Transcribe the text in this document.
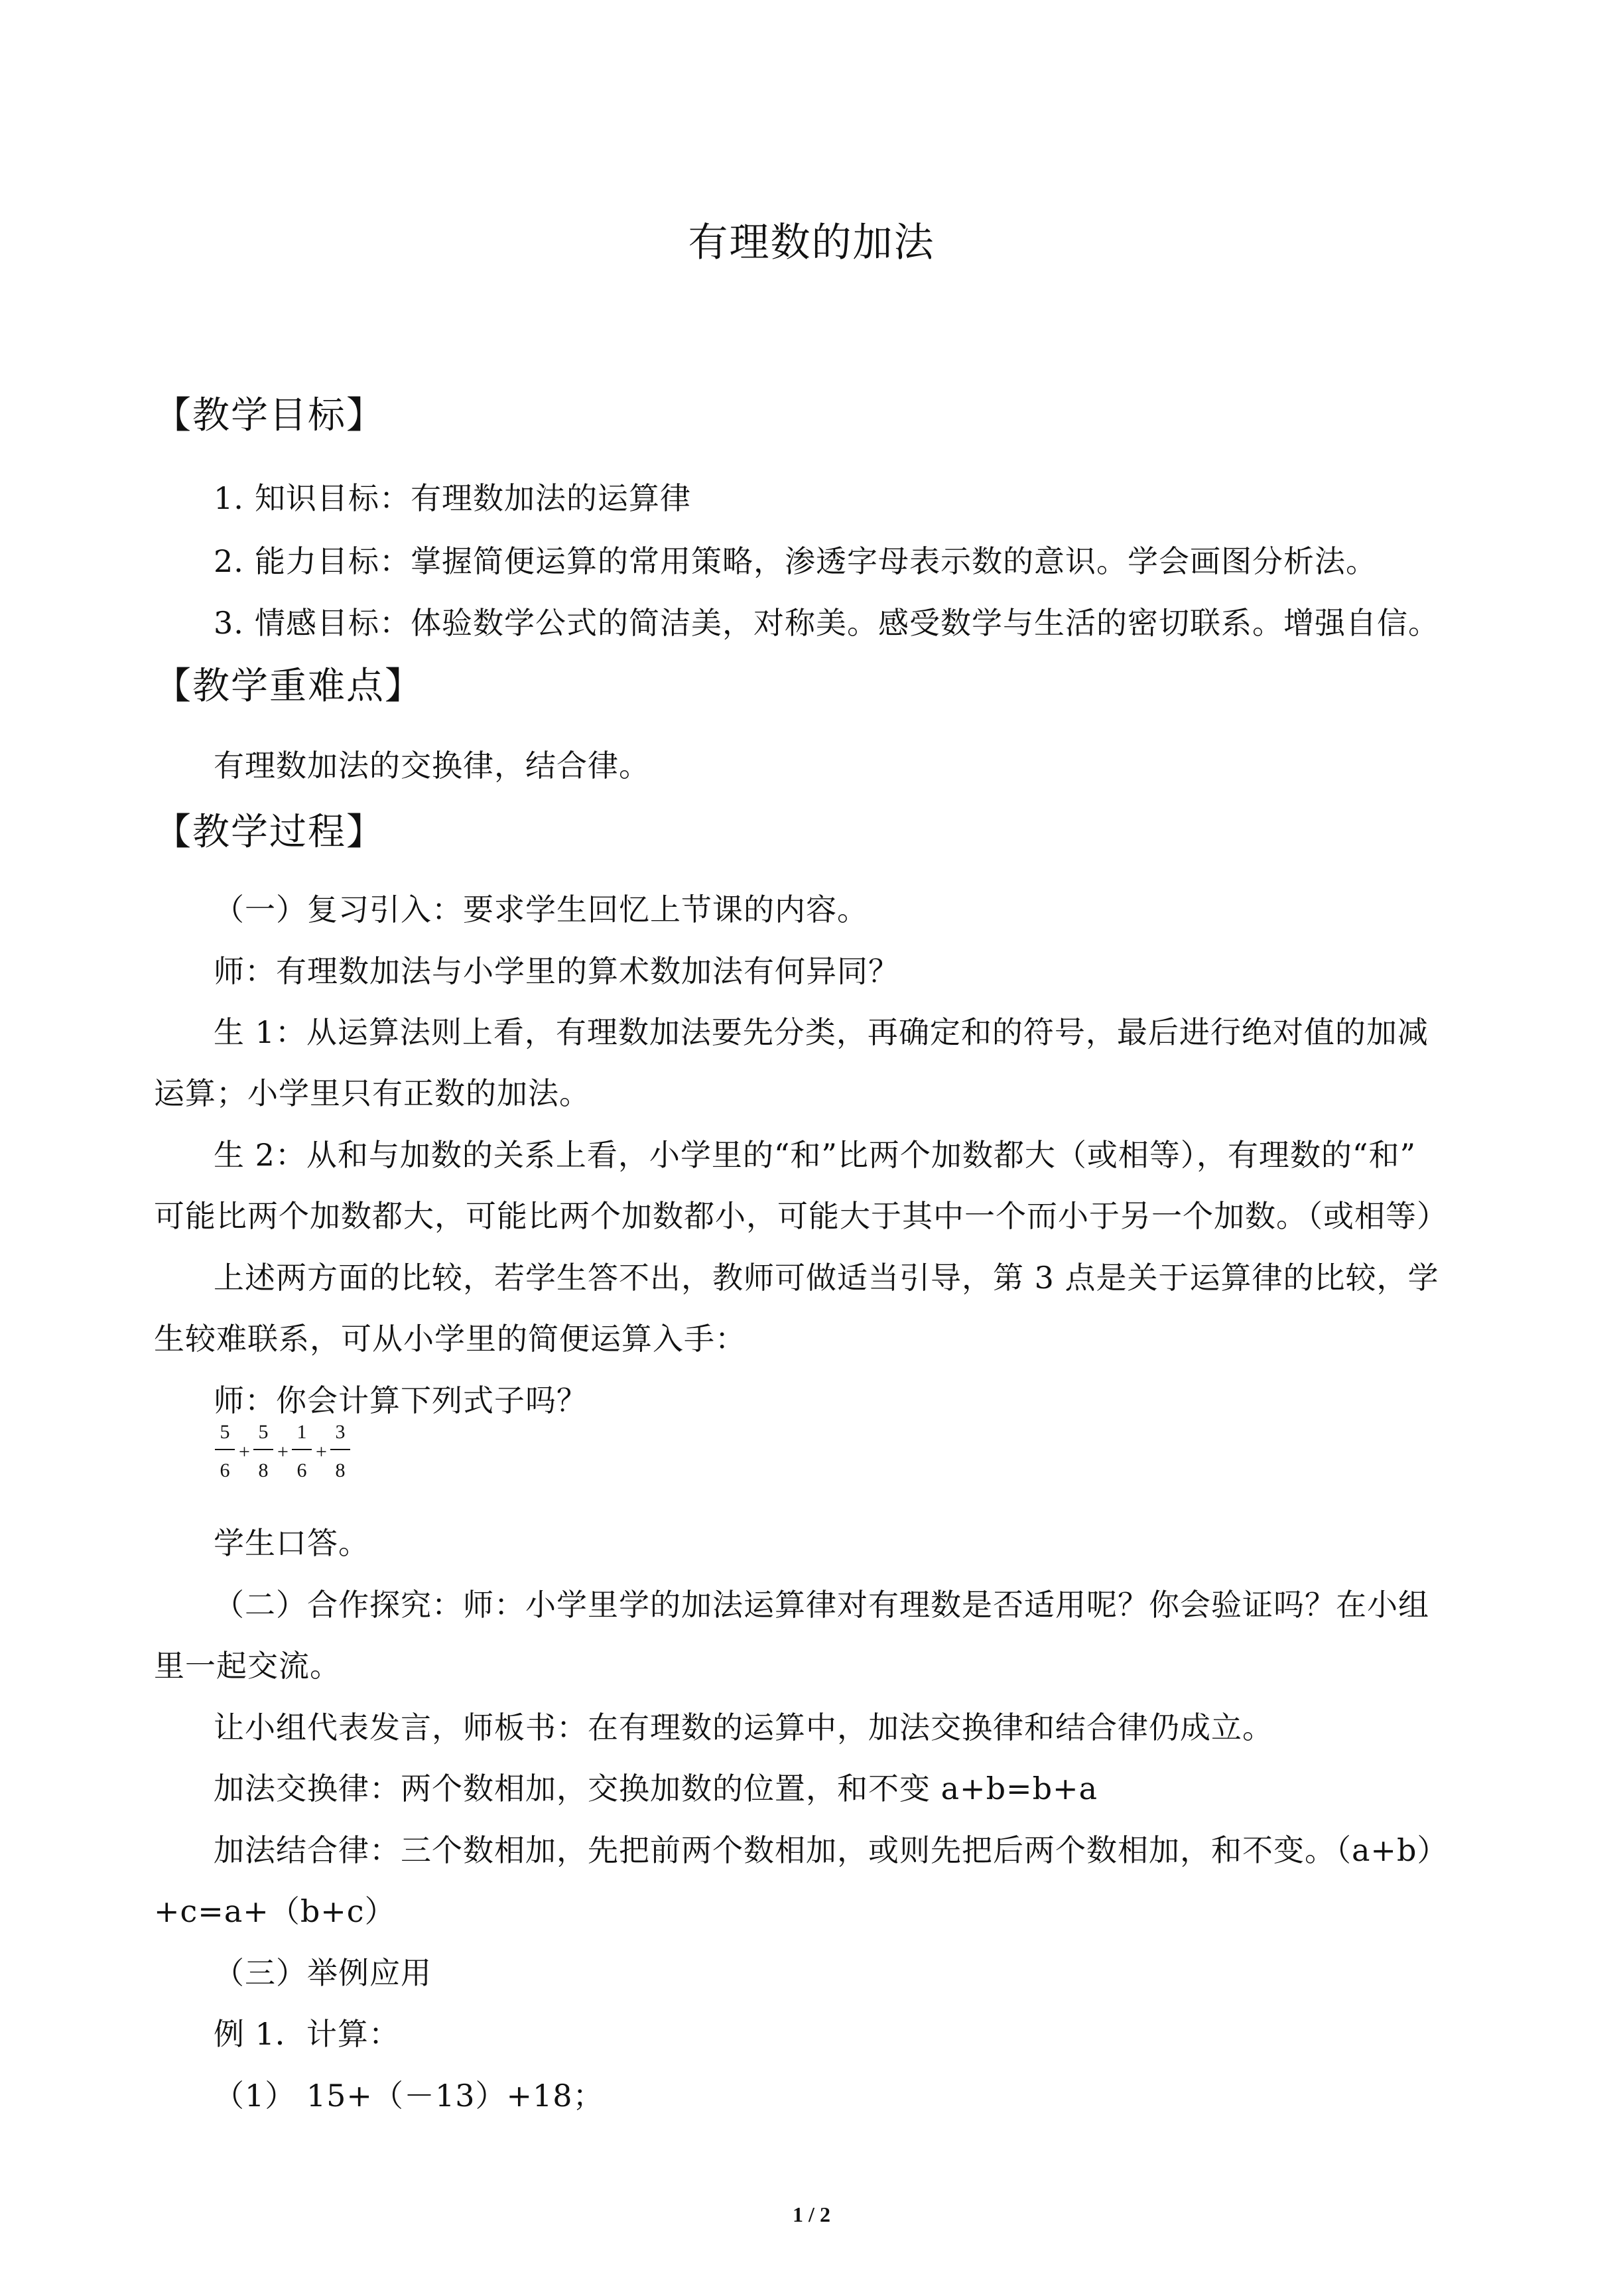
有理数的加法
【教学目标】
1. 知识目标：有理数加法的运算律
2. 能力目标：掌握简便运算的常用策略，渗透字母表示数的意识。学会画图分析法。
3. 情感目标：体验数学公式的简洁美，对称美。感受数学与生活的密切联系。增强自信。
【教学重难点】
有理数加法的交换律，结合律。
【教学过程】
（一）复习引入：要求学生回忆上节课的内容。
师：有理数加法与小学里的算术数加法有何异同？
生 1：从运算法则上看，有理数加法要先分类，再确定和的符号，最后进行绝对值的加减
运算；小学里只有正数的加法。
生 2：从和与加数的关系上看，小学里的“和”比两个加数都大（或相等），有理数的“和”
可能比两个加数都大，可能比两个加数都小，可能大于其中一个而小于另一个加数。（或相等）
上述两方面的比较，若学生答不出，教师可做适当引导，第 3 点是关于运算律的比较，学
生较难联系，可从小学里的简便运算入手：
师：你会计算下列式子吗？
5
6
+
5
8
+
1
6
+
3
8
学生口答。
（二）合作探究：师：小学里学的加法运算律对有理数是否适用呢？你会验证吗？在小组
里一起交流。
让小组代表发言，师板书：在有理数的运算中，加法交换律和结合律仍成立。
加法交换律：两个数相加，交换加数的位置，和不变 a+b=b+a
加法结合律：三个数相加，先把前两个数相加，或则先把后两个数相加，和不变。（a+b）
+c=a+（b+c）
（三）举例应用
例 1．计算：
（1） 15+（－13）+18；
1 / 2
